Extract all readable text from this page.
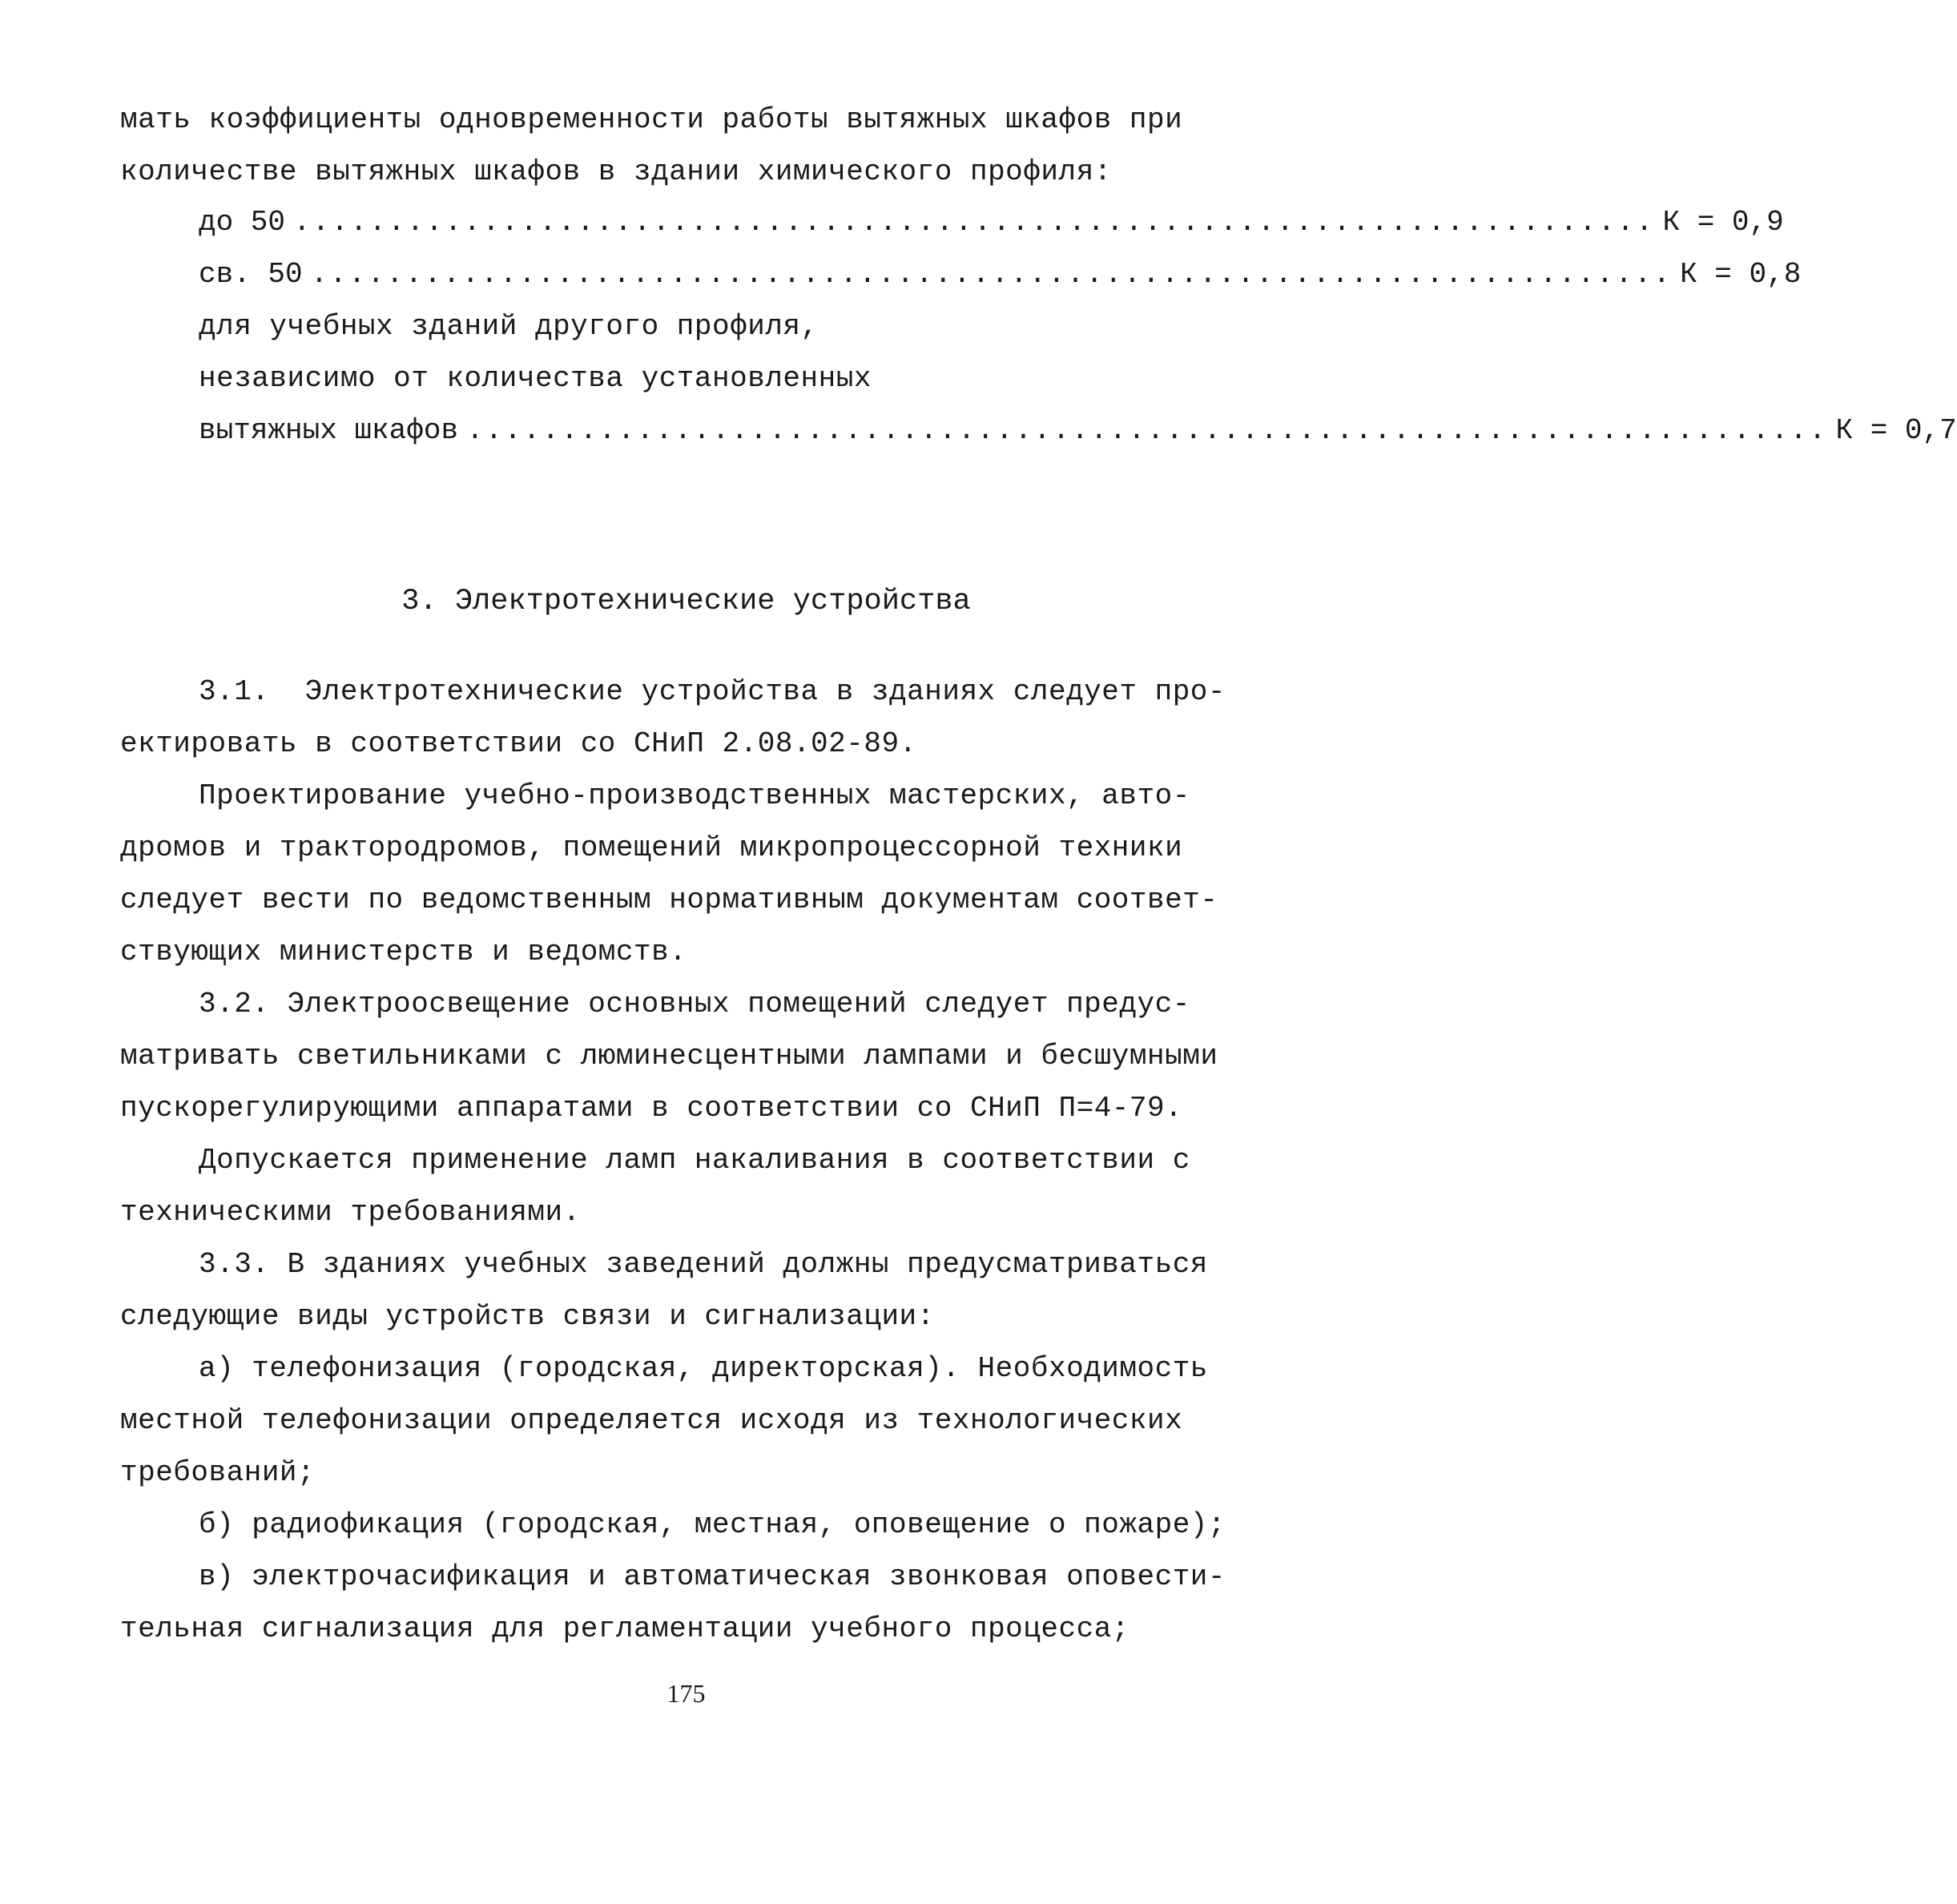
мать коэффициенты одновременности работы вытяжных шкафов при
количестве вытяжных шкафов в здании химического профиля:
до 50 ........................................................................ К = 0,9
св. 50 ........................................................................ К = 0,8
для учебных зданий другого профиля,
независимо от количества установленных
вытяжных шкафов ........................................................................ К = 0,7
3. Электротехнические устройства
3.1.  Электротехнические устройства в зданиях следует про-
ектировать в соответствии со СНиП 2.08.02-89.
Проектирование учебно-производственных мастерских, авто-
дромов и трактородромов, помещений микропроцессорной техники
следует вести по ведомственным нормативным документам соответ-
ствующих министерств и ведомств.
3.2. Электроосвещение основных помещений следует предус-
матривать светильниками с люминесцентными лампами и бесшумными
пускорегулирующими аппаратами в соответствии со СНиП П=4-79.
Допускается применение ламп накаливания в соответствии с
техническими требованиями.
3.3. В зданиях учебных заведений должны предусматриваться
следующие виды устройств связи и сигнализации:
а) телефонизация (городская, директорская). Необходимость
местной телефонизации определяется исходя из технологических
требований;
б) радиофикация (городская, местная, оповещение о пожаре);
в) электрочасификация и автоматическая звонковая оповести-
тельная сигнализация для регламентации учебного процесса;
175
